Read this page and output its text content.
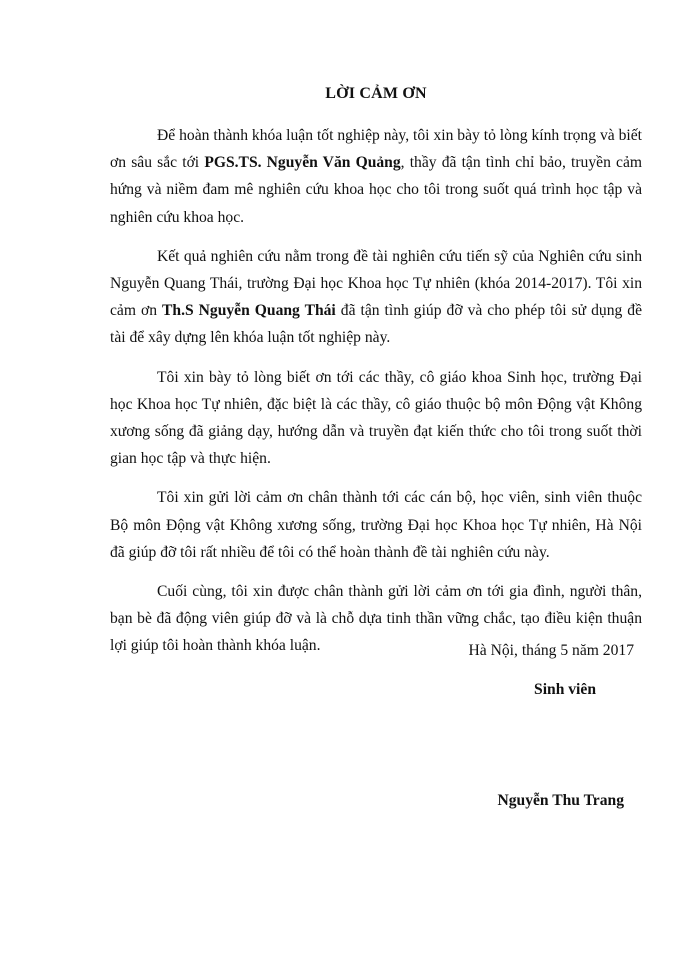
LỜI CẢM ƠN

Để hoàn thành khóa luận tốt nghiệp này, tôi xin bày tỏ lòng kính trọng và biết ơn sâu sắc tới PGS.TS. Nguyễn Văn Quảng, thầy đã tận tình chỉ bảo, truyền cảm hứng và niềm đam mê nghiên cứu khoa học cho tôi trong suốt quá trình học tập và nghiên cứu khoa học.

Kết quả nghiên cứu nằm trong đề tài nghiên cứu tiến sỹ của Nghiên cứu sinh Nguyễn Quang Thái, trường Đại học Khoa học Tự nhiên (khóa 2014-2017). Tôi xin cảm ơn Th.S Nguyễn Quang Thái đã tận tình giúp đỡ và cho phép tôi sử dụng đề tài để xây dựng lên khóa luận tốt nghiệp này.

Tôi xin bày tỏ lòng biết ơn tới các thầy, cô giáo khoa Sinh học, trường Đại học Khoa học Tự nhiên, đặc biệt là các thầy, cô giáo thuộc bộ môn Động vật Không xương sống đã giảng dạy, hướng dẫn và truyền đạt kiến thức cho tôi trong suốt thời gian học tập và thực hiện.

Tôi xin gửi lời cảm ơn chân thành tới các cán bộ, học viên, sinh viên thuộc Bộ môn Động vật Không xương sống, trường Đại học Khoa học Tự nhiên, Hà Nội đã giúp đỡ tôi rất nhiều để tôi có thể hoàn thành đề tài nghiên cứu này.

Cuối cùng, tôi xin được chân thành gửi lời cảm ơn tới gia đình, người thân, bạn bè đã động viên giúp đỡ và là chỗ dựa tinh thần vững chắc, tạo điều kiện thuận lợi giúp tôi hoàn thành khóa luận.	Hà Nội, tháng 5 năm 2017

Sinh viên

Nguyễn Thu Trang
